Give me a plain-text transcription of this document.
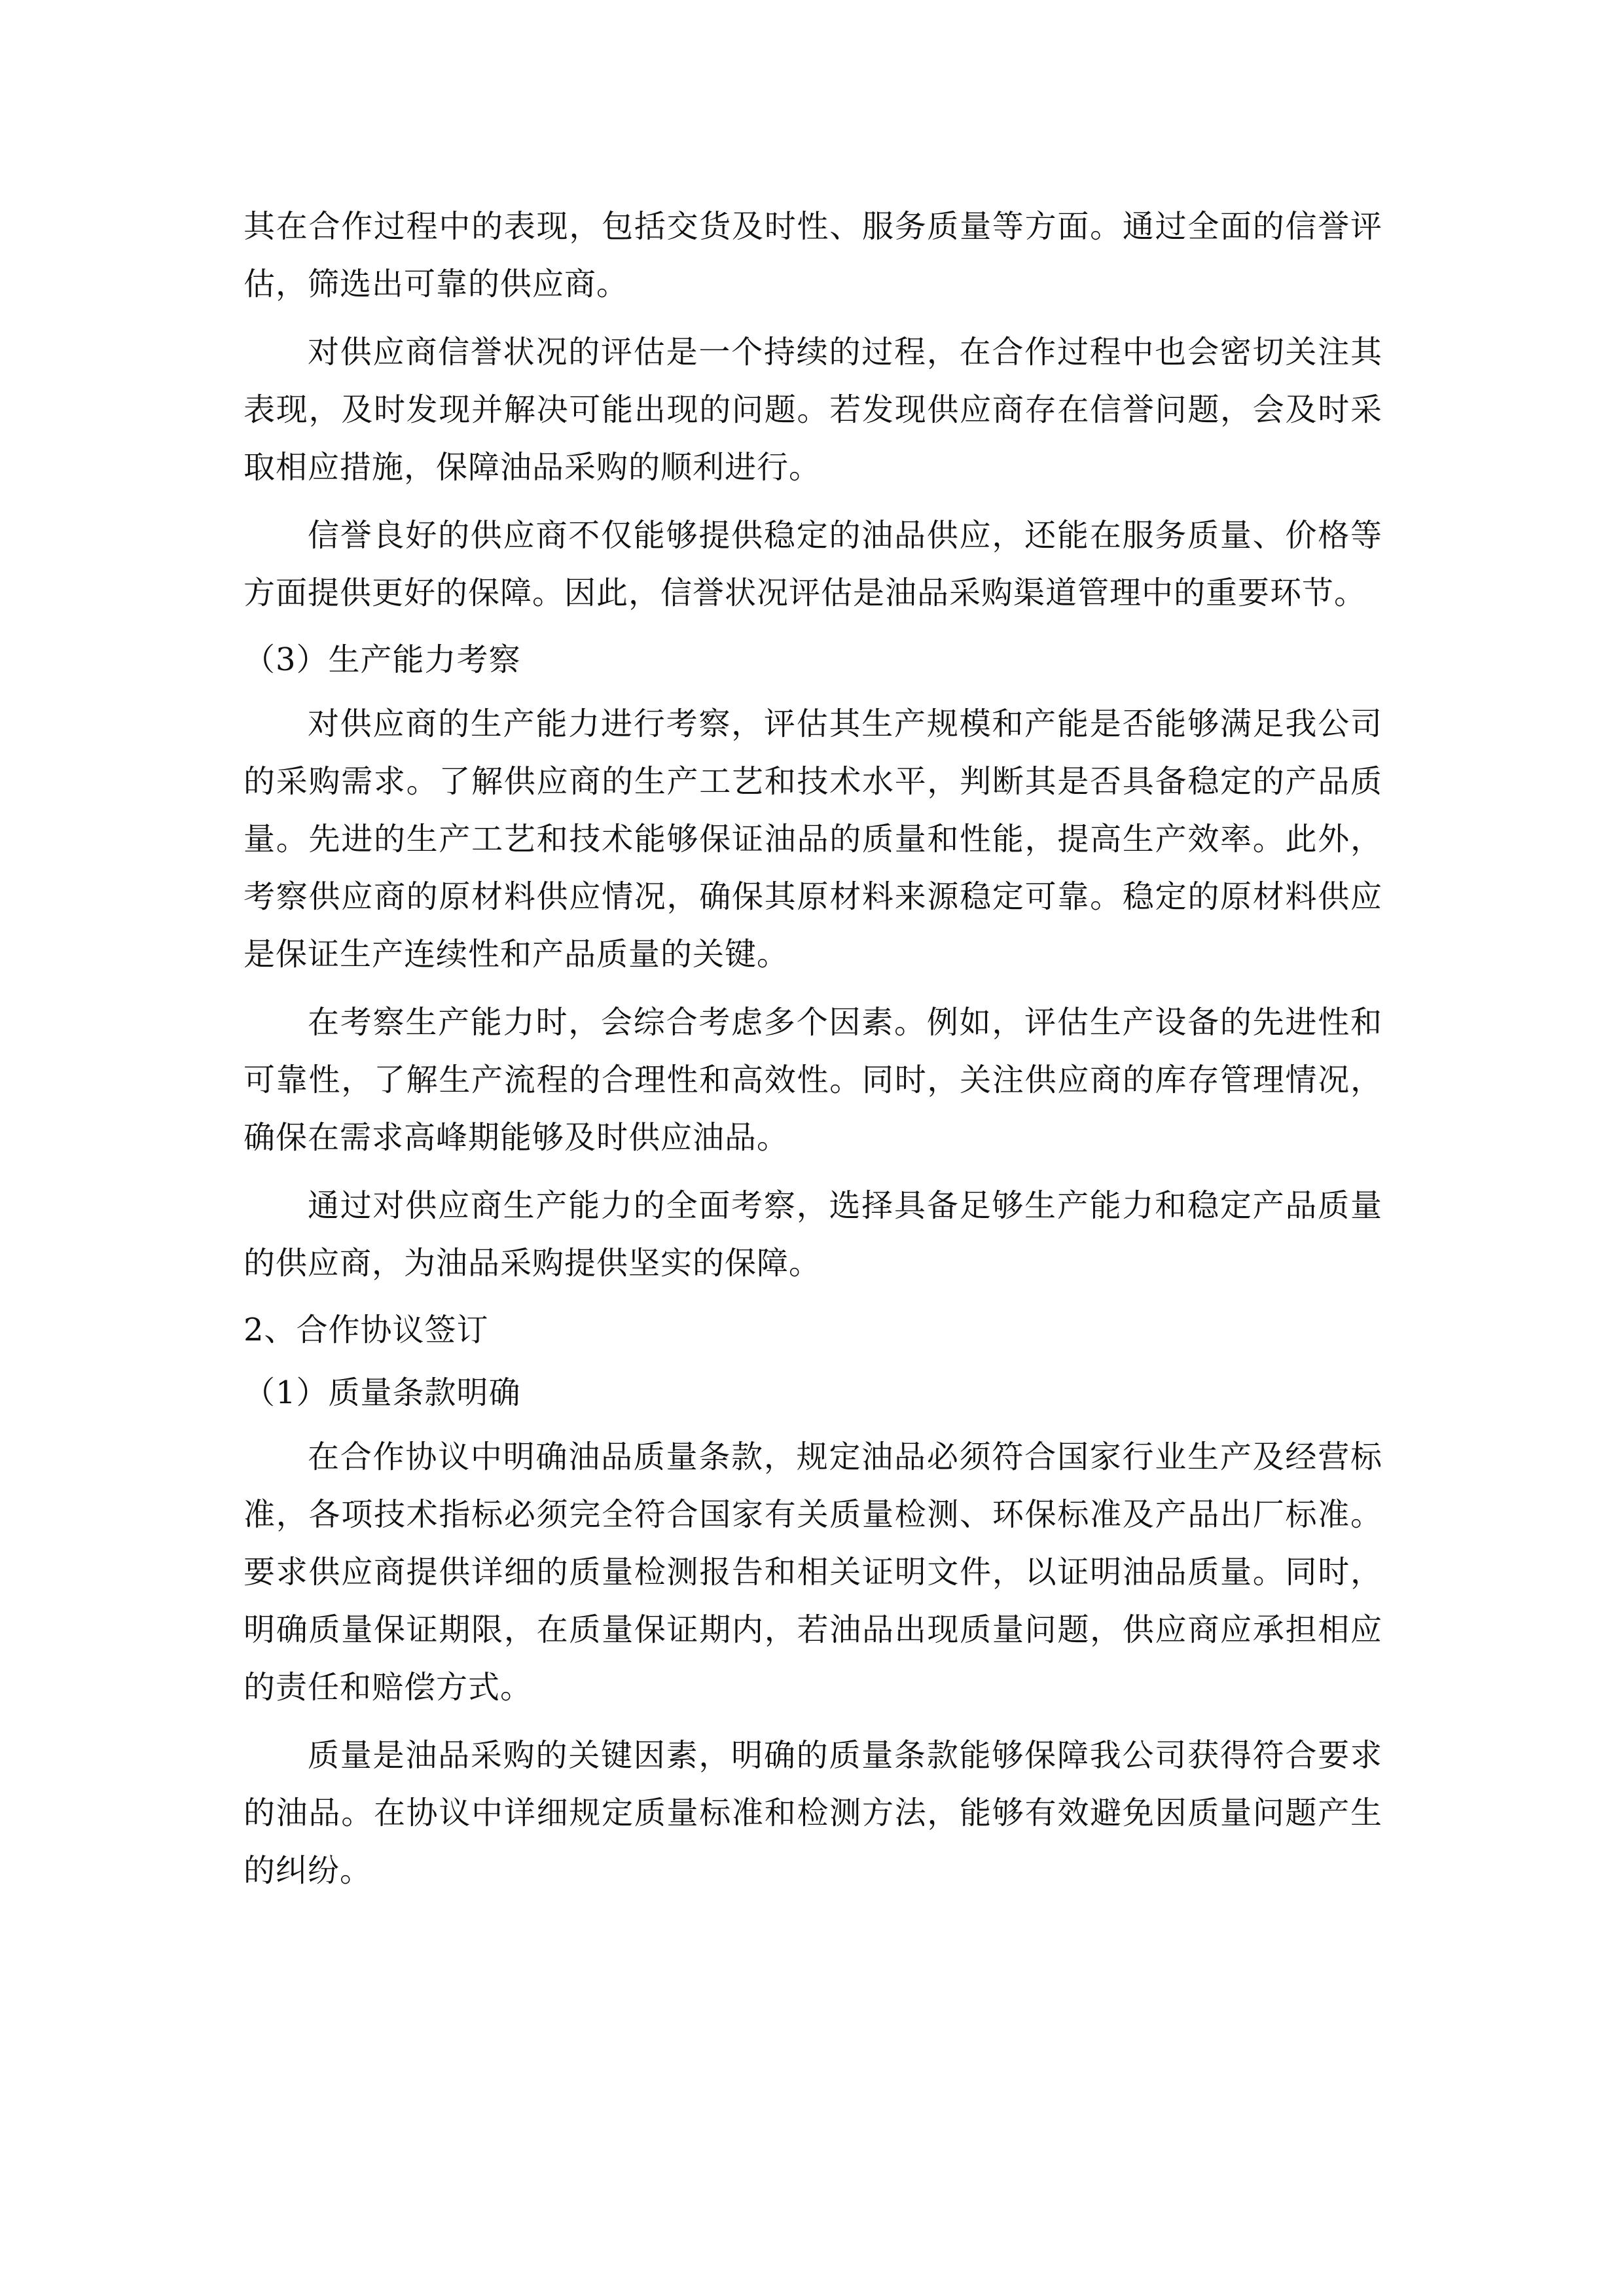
其在合作过程中的表现，包括交货及时性、服务质量等方面。通过全面的信誉评估，筛选出可靠的供应商。

对供应商信誉状况的评估是一个持续的过程，在合作过程中也会密切关注其表现，及时发现并解决可能出现的问题。若发现供应商存在信誉问题，会及时采取相应措施，保障油品采购的顺利进行。

信誉良好的供应商不仅能够提供稳定的油品供应，还能在服务质量、价格等方面提供更好的保障。因此，信誉状况评估是油品采购渠道管理中的重要环节。

（3）生产能力考察

对供应商的生产能力进行考察，评估其生产规模和产能是否能够满足我公司的采购需求。了解供应商的生产工艺和技术水平，判断其是否具备稳定的产品质量。先进的生产工艺和技术能够保证油品的质量和性能，提高生产效率。此外，考察供应商的原材料供应情况，确保其原材料来源稳定可靠。稳定的原材料供应是保证生产连续性和产品质量的关键。

在考察生产能力时，会综合考虑多个因素。例如，评估生产设备的先进性和可靠性，了解生产流程的合理性和高效性。同时，关注供应商的库存管理情况，确保在需求高峰期能够及时供应油品。

通过对供应商生产能力的全面考察，选择具备足够生产能力和稳定产品质量的供应商，为油品采购提供坚实的保障。

2、合作协议签订
（1）质量条款明确

在合作协议中明确油品质量条款，规定油品必须符合国家行业生产及经营标准，各项技术指标必须完全符合国家有关质量检测、环保标准及产品出厂标准。要求供应商提供详细的质量检测报告和相关证明文件，以证明油品质量。同时，明确质量保证期限，在质量保证期内，若油品出现质量问题，供应商应承担相应的责任和赔偿方式。

质量是油品采购的关键因素，明确的质量条款能够保障我公司获得符合要求的油品。在协议中详细规定质量标准和检测方法，能够有效避免因质量问题产生的纠纷。
